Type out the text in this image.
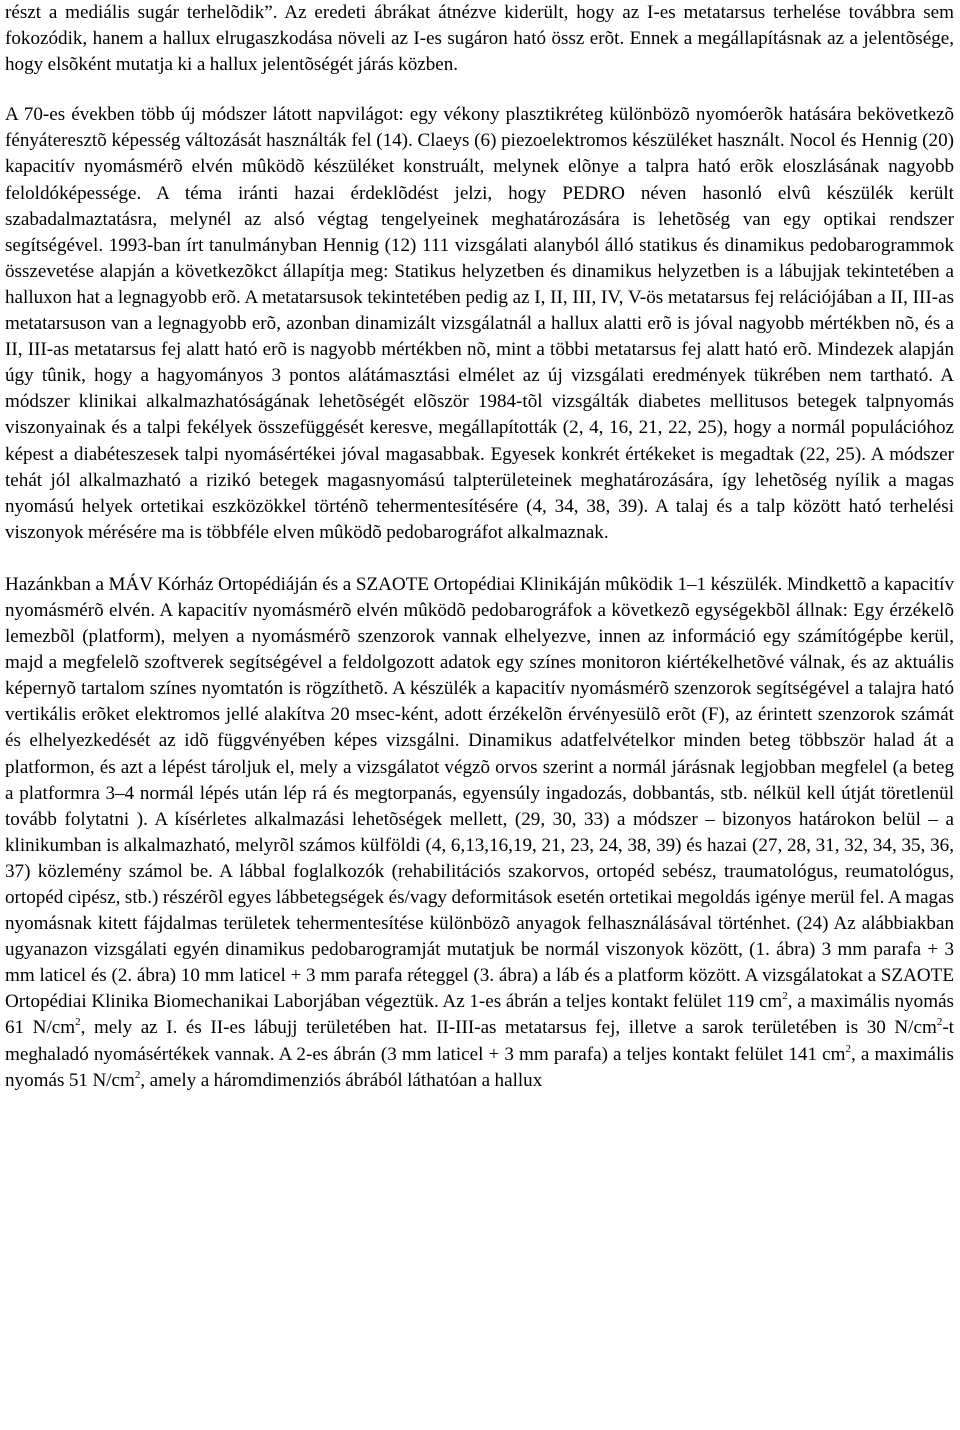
részt a mediális sugár terhelõdik”. Az eredeti ábrákat átnézve kiderült, hogy az I-es metatarsus terhelése továbbra sem fokozódik, hanem a hallux elrugaszkodása növeli az I-es sugáron ható össz erõt. Ennek a megállapításnak az a jelentõsége, hogy elsõként mutatja ki a hallux jelentõségét járás közben.

A 70-es években több új módszer látott napvilágot: egy vékony plasztikréteg különbözõ nyomóerõk hatására bekövetkezõ fényáteresztõ képesség változását használták fel (14). Claeys (6) piezoelektromos készüléket használt. Nocol és Hennig (20) kapacitív nyomásmérõ elvén mûködõ készüléket konstruált, melynek elõnye a talpra ható erõk eloszlásának nagyobb feloldóképessége. A téma iránti hazai érdeklõdést jelzi, hogy PEDRO néven hasonló elvû készülék került szabadalmaztatásra, melynél az alsó végtag tengelyeinek meghatározására is lehetõség van egy optikai rendszer segítségével. 1993-ban írt tanulmányban Hennig (12) 111 vizsgálati alanyból álló statikus és dinamikus pedobarogrammok összevetése alapján a következõkct állapítja meg: Statikus helyzetben és dinamikus helyzetben is a lábujjak tekintetében a halluxon hat a legnagyobb erõ. A metatarsusok tekintetében pedig az I, II, III, IV, V-ös metatarsus fej relációjában a II, III-as metatarsuson van a legnagyobb erõ, azonban dinamizált vizsgálatnál a hallux alatti erõ is jóval nagyobb mértékben nõ, és a II, III-as metatarsus fej alatt ható erõ is nagyobb mértékben nõ, mint a többi metatarsus fej alatt ható erõ. Mindezek alapján úgy tûnik, hogy a hagyományos 3 pontos alátámasztási elmélet az új vizsgálati eredmények tükrében nem tartható. A módszer klinikai alkalmazhatóságának lehetõségét elõször 1984-tõl vizsgálták diabetes mellitusos betegek talpnyomás viszonyainak és a talpi fekélyek összefüggését keresve, megállapították (2, 4, 16, 21, 22, 25), hogy a normál populációhoz képest a diabéteszesek talpi nyomásértékei jóval magasabbak. Egyesek konkrét értékeket is megadtak (22, 25). A módszer tehát jól alkalmazható a rizikó betegek magasnyomású talpterületeinek meghatározására, így lehetõség nyílik a magas nyomású helyek ortetikai eszközökkel történõ tehermentesítésére (4, 34, 38, 39). A talaj és a talp között ható terhelési viszonyok mérésére ma is többféle elven mûködõ pedobarográfot alkalmaznak.

Hazánkban a MÁV Kórház Ortopédiáján és a SZAOTE Ortopédiai Klinikáján mûködik 1–1 készülék. Mindkettõ a kapacitív nyomásmérõ elvén. A kapacitív nyomásmérõ elvén mûködõ pedobarográfok a következõ egységekbõl állnak: Egy érzékelõ lemezbõl (platform), melyen a nyomásmérõ szenzorok vannak elhelyezve, innen az információ egy számítógépbe kerül, majd a megfelelõ szoftverek segítségével a feldolgozott adatok egy színes monitoron kiértékelhetõvé válnak, és az aktuális képernyõ tartalom színes nyomtatón is rögzíthetõ. A készülék a kapacitív nyomásmérõ szenzorok segítségével a talajra ható vertikális erõket elektromos jellé alakítva 20 msec-ként, adott érzékelõn érvényesülõ erõt (F), az érintett szenzorok számát és elhelyezkedését az idõ függvényében képes vizsgálni. Dinamikus adatfelvételkor minden beteg többször halad át a platformon, és azt a lépést tároljuk el, mely a vizsgálatot végzõ orvos szerint a normál járásnak legjobban megfelel (a beteg a platformra 3–4 normál lépés után lép rá és megtorpanás, egyensúly ingadozás, dobbantás, stb. nélkül kell útját töretlenül tovább folytatni ). A kísérletes alkalmazási lehetõségek mellett, (29, 30, 33) a módszer – bizonyos határokon belül – a klinikumban is alkalmazható, melyrõl számos külföldi (4, 6,13,16,19, 21, 23, 24, 38, 39) és hazai (27, 28, 31, 32, 34, 35, 36, 37) közlemény számol be. A lábbal foglalkozók (rehabilitációs szakorvos, ortopéd sebész, traumatológus, reumatológus, ortopéd cipész, stb.) részérõl egyes lábbetegségek és/vagy deformitások esetén ortetikai megoldás igénye merül fel. A magas nyomásnak kitett fájdalmas területek tehermentesítése különbözõ anyagok felhasználásával történhet. (24) Az alábbiakban ugyanazon vizsgálati egyén dinamikus pedobarogramját mutatjuk be normál viszonyok között, (1. ábra) 3 mm parafa + 3 mm laticel és (2. ábra) 10 mm laticel + 3 mm parafa réteggel (3. ábra) a láb és a platform között. A vizsgálatokat a SZAOTE Ortopédiai Klinika Biomechanikai Laborjában végeztük. Az 1-es ábrán a teljes kontakt felület 119 $cm^2$, a maximális nyomás 61 $N/cm^2$, mely az I. és II-es lábujj területében hat. II-III-as metatarsus fej, illetve a sarok területében is 30 $N/cm^2-t$ meghaladó nyomásértékek vannak. A 2-es ábrán (3 mm laticel + 3 mm parafa) a teljes kontakt felület 141 $cm^2$, a maximális nyomás 51 $N/cm^2$, amely a háromdimenziós ábrából láthatóan a hallux
